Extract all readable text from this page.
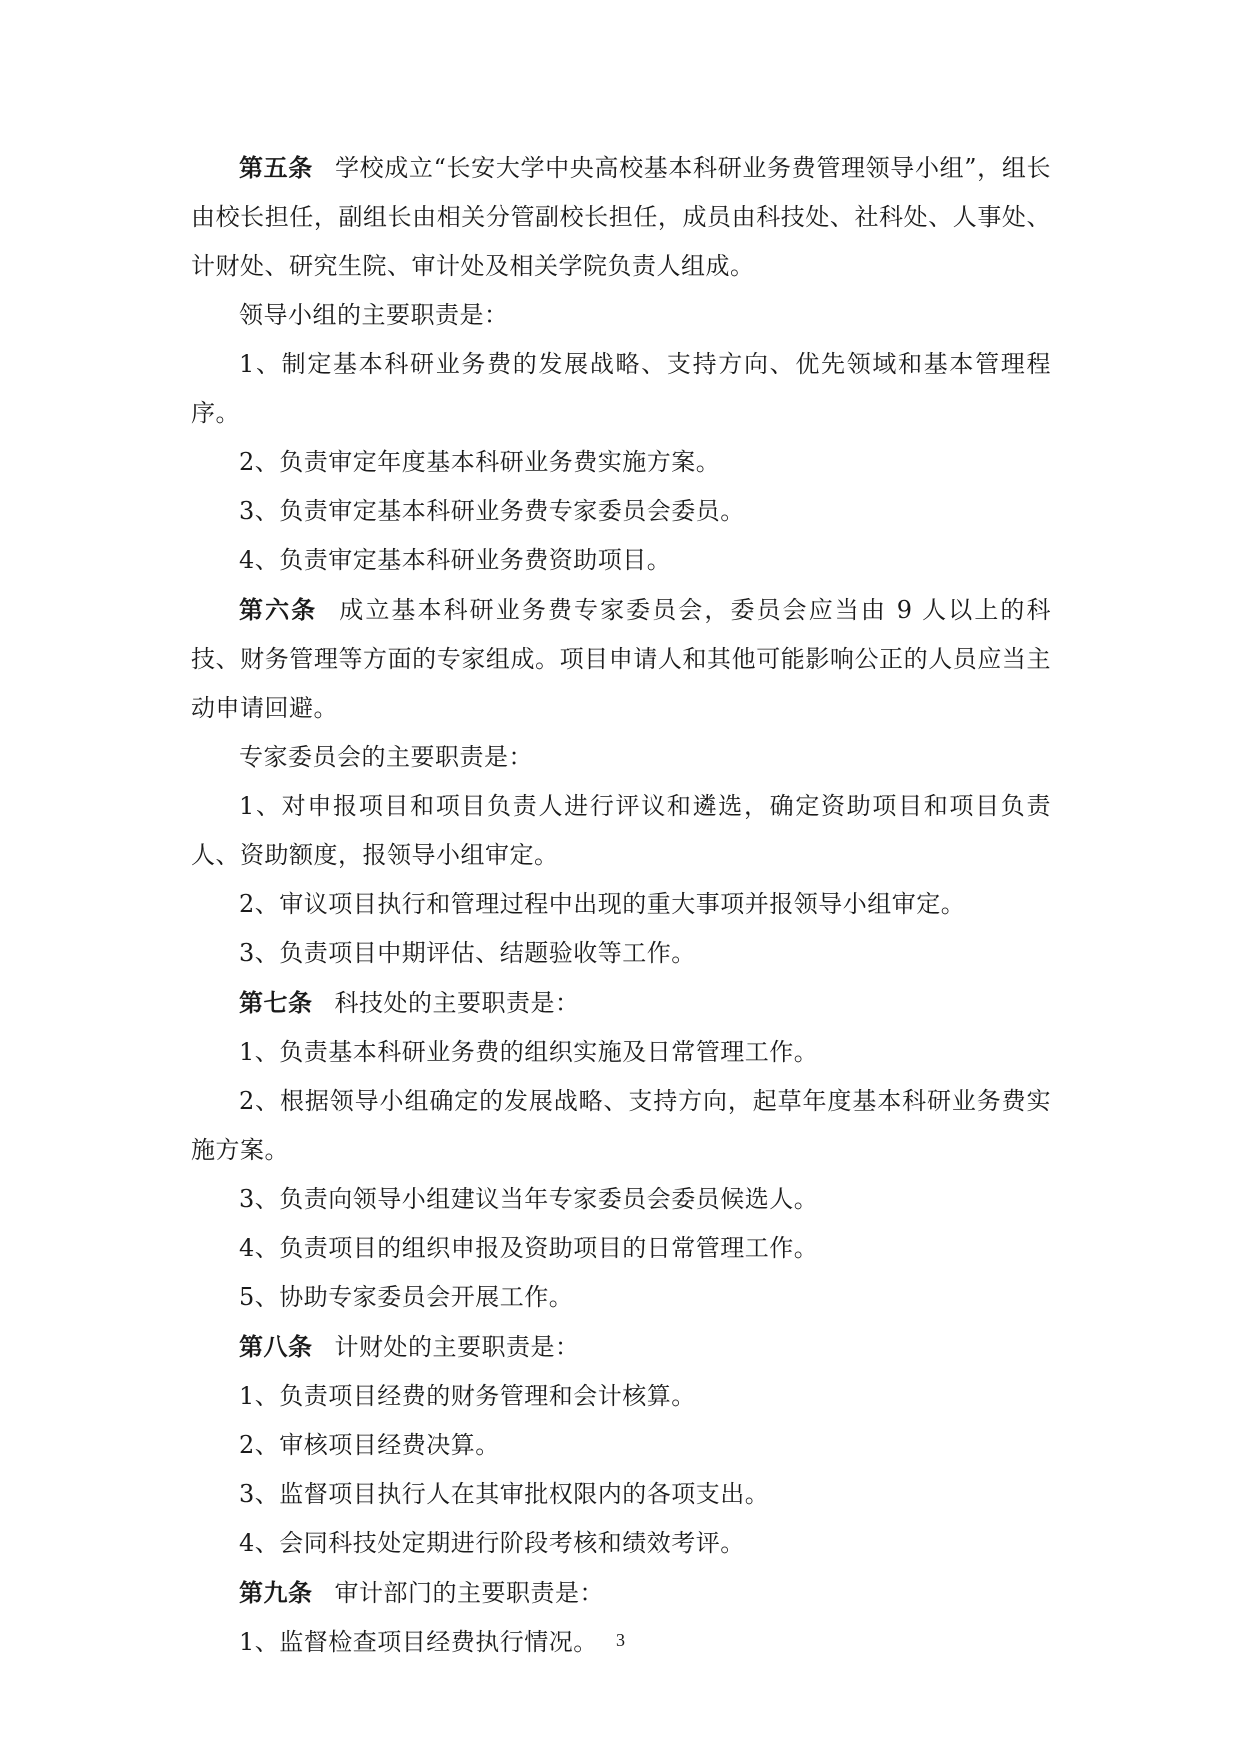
第五条 学校成立“长安大学中央高校基本科研业务费管理领导小组”，组长由校长担任，副组长由相关分管副校长担任，成员由科技处、社科处、人事处、计财处、研究生院、审计处及相关学院负责人组成。

领导小组的主要职责是：

1、制定基本科研业务费的发展战略、支持方向、优先领域和基本管理程序。

2、负责审定年度基本科研业务费实施方案。

3、负责审定基本科研业务费专家委员会委员。

4、负责审定基本科研业务费资助项目。

第六条 成立基本科研业务费专家委员会，委员会应当由 9 人以上的科技、财务管理等方面的专家组成。项目申请人和其他可能影响公正的人员应当主动申请回避。

专家委员会的主要职责是：

1、对申报项目和项目负责人进行评议和遴选，确定资助项目和项目负责人、资助额度，报领导小组审定。

2、审议项目执行和管理过程中出现的重大事项并报领导小组审定。

3、负责项目中期评估、结题验收等工作。

第七条 科技处的主要职责是：

1、负责基本科研业务费的组织实施及日常管理工作。

2、根据领导小组确定的发展战略、支持方向，起草年度基本科研业务费实施方案。

3、负责向领导小组建议当年专家委员会委员候选人。

4、负责项目的组织申报及资助项目的日常管理工作。

5、协助专家委员会开展工作。

第八条 计财处的主要职责是：

1、负责项目经费的财务管理和会计核算。

2、审核项目经费决算。

3、监督项目执行人在其审批权限内的各项支出。

4、会同科技处定期进行阶段考核和绩效考评。

第九条 审计部门的主要职责是：

1、监督检查项目经费执行情况。	3
